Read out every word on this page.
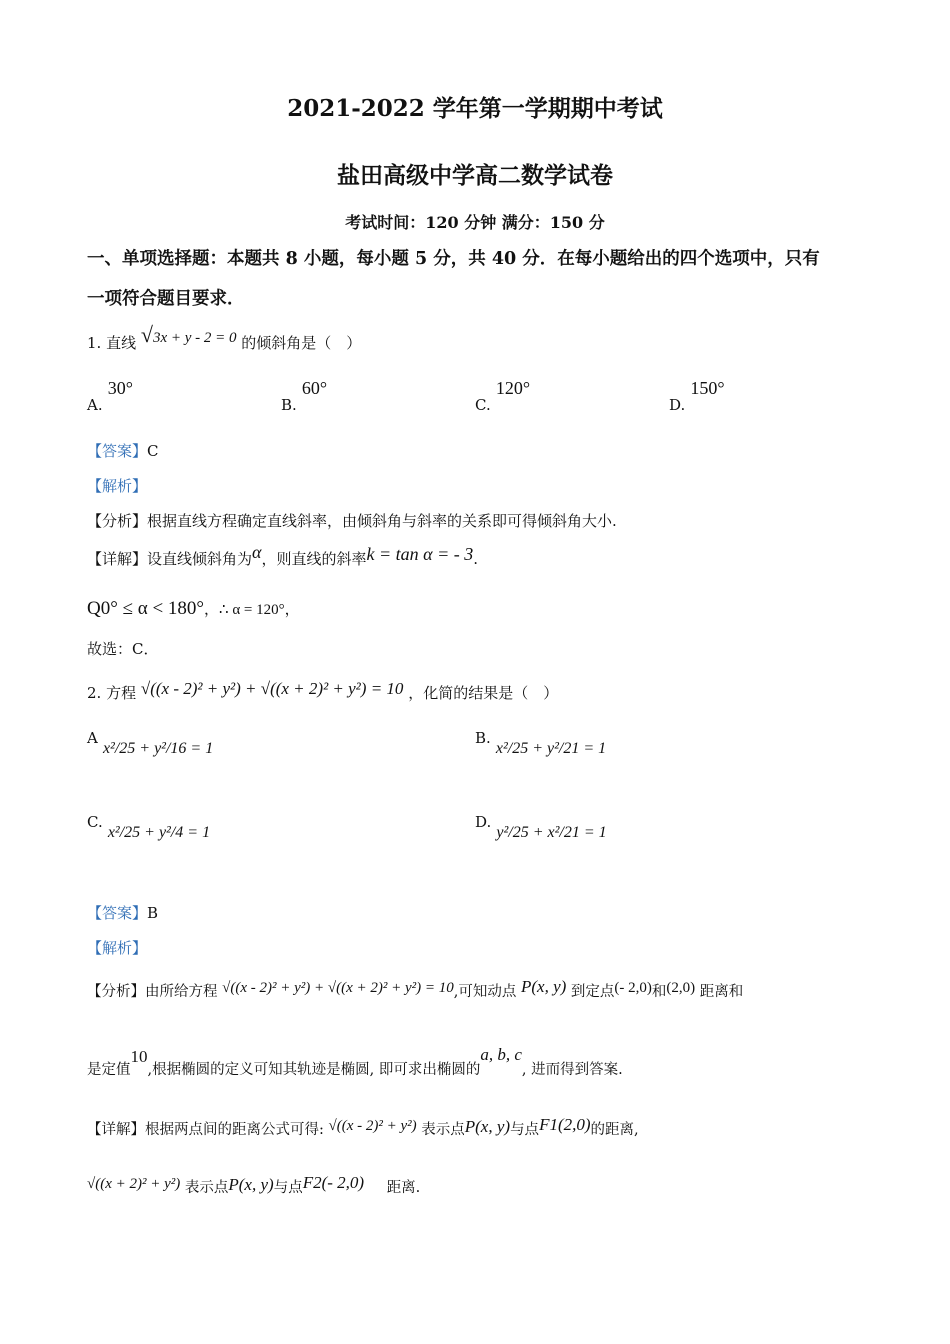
2021-2022 学年第一学期期中考试
盐田高级中学高二数学试卷
考试时间：120 分钟 满分：150 分
一、单项选择题：本题共 8 小题，每小题 5 分，共 40 分．在每小题给出的四个选项中，只有
一项符合题目要求．
1. 直线 √3x + y - 2 = 0 的倾斜角是（　）
A. 30°
B. 60°
C. 120°
D. 150°
【答案】C
【解析】
【分析】根据直线方程确定直线斜率，由倾斜角与斜率的关系即可得倾斜角大小.
【详解】设直线倾斜角为α，则直线的斜率k = tan α = - 3.
Q0° ≤ α < 180°，∴ α = 120°，
故选：C．
2. 方程 √((x - 2)² + y²) + √((x + 2)² + y²) = 10 ，化简的结果是（　）
A x²/25 + y²/16 = 1
B. x²/25 + y²/21 = 1
C. x²/25 + y²/4 = 1
D. y²/25 + x²/21 = 1
【答案】B
【解析】
【分析】由所给方程 √((x - 2)² + y²) + √((x + 2)² + y²) = 10,可知动点 P(x, y) 到定点(- 2,0)和(2,0) 距离和
是定值10,根据椭圆的定义可知其轨迹是椭圆, 即可求出椭圆的a, b, c, 进而得到答案.
【详解】根据两点间的距离公式可得: √((x - 2)² + y²) 表示点P(x, y)与点F1(2,0)的距离,
√((x + 2)² + y²) 表示点P(x, y)与点F2(- 2,0) 距离.
